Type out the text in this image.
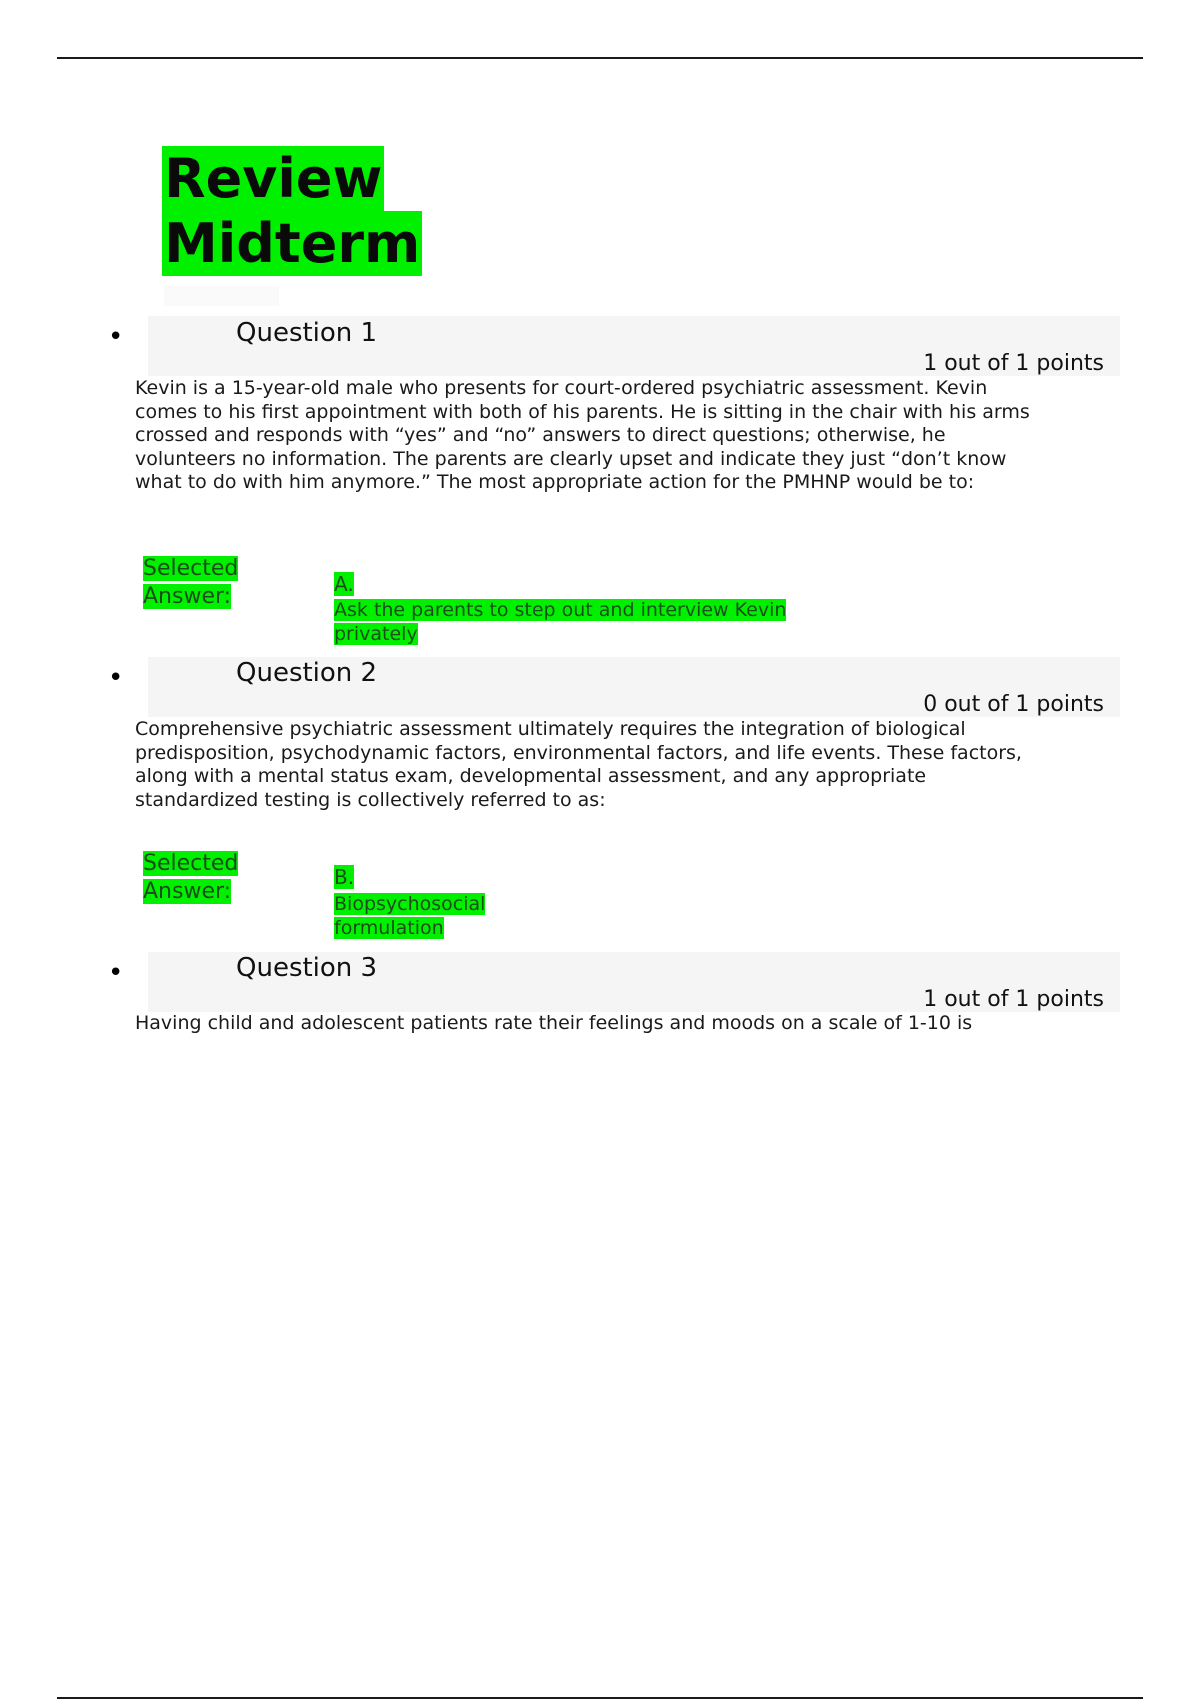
Review
Midterm
•	Question 1
1 out of 1 points

Kevin is a 15-year-old male who presents for court-ordered psychiatric assessment. Kevin comes to his first appointment with both of his parents. He is sitting in the chair with his arms crossed and responds with “yes” and “no” answers to direct questions; otherwise, he volunteers no information. The parents are clearly upset and indicate they just “don’t know what to do with him anymore.” The most appropriate action for the PMHNP would be to:

Selected
Answer:	A.
Ask the parents to step out and interview Kevin
privately
•	Question 2
0 out of 1 points

Comprehensive psychiatric assessment ultimately requires the integration of biological predisposition, psychodynamic factors, environmental factors, and life events. These factors, along with a mental status exam, developmental assessment, and any appropriate standardized testing is collectively referred to as:

Selected
Answer:
B.
Biopsychosocial
formulation
•	Question 3
1 out of 1 points

Having child and adolescent patients rate their feelings and moods on a scale of 1-10 is
